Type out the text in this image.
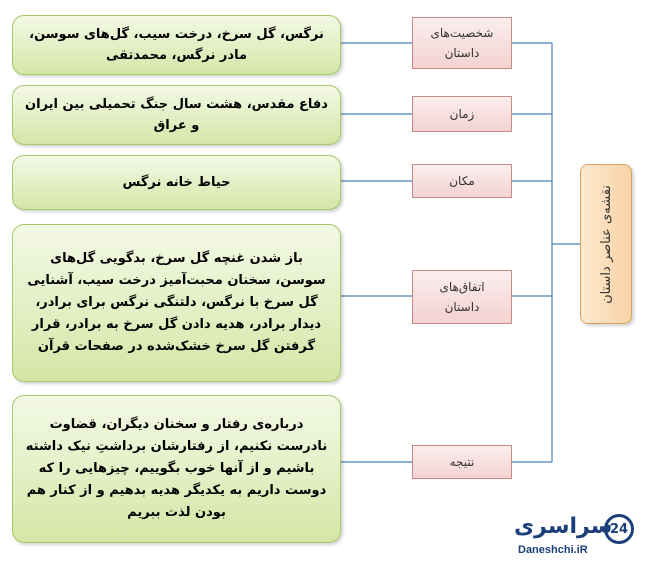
نرگس، گل سرخ، درخت سیب، گل‌های سوسن، مادر نرگس، محمدتقی
دفاع مقدس، هشت سال جنگ تحمیلی بین ایران و عراق
حیاط خانه نرگس
باز شدن غنچه گل سرخ، بدگویی گل‌های سوسن، سخنان محبت‌آمیز درخت سیب، آشنایی گل سرخ با نرگس، دلتنگی نرگس برای برادر، دیدار برادر، هدیه دادن گل سرخ به برادر، قرار گرفتن گل سرخ خشک‌شده در صفحات قرآن
درباره‌ی رفتار و سخنان دیگران، قضاوت نادرست نکنیم، از رفتارشان برداشتِ نیک داشته باشیم و از آنها خوب بگوییم، چیزهایی را که دوست داریم به یکدیگر هدیه بدهیم و از کنار هم بودن لذت ببریم
شخصیت‌های داستان
زمان
مکان
اتفاق‌های داستان
نتیجه
نقشه‌ی عناصر داستان
سراسری
24
Daneshchi.iR
